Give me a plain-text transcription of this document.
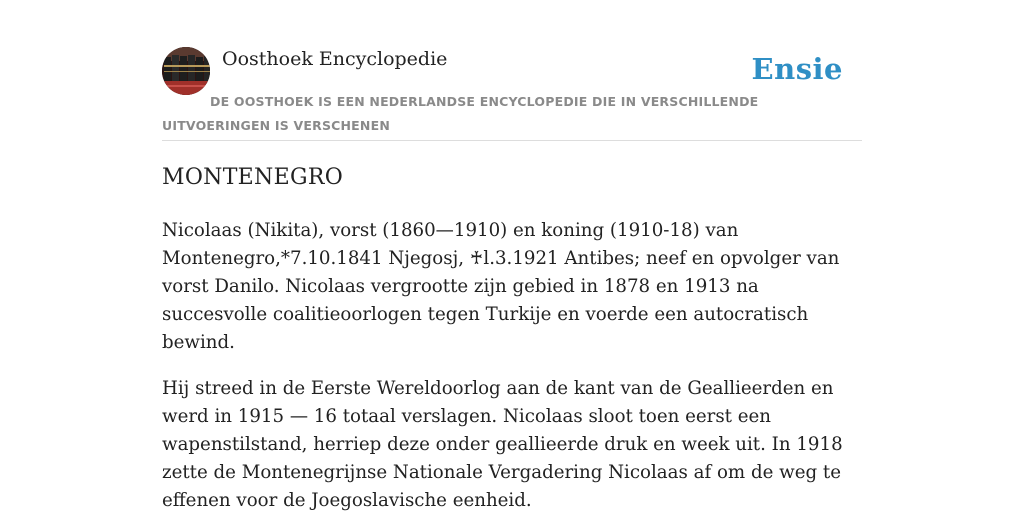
Oosthoek Encyclopedie	Ensie
DE OOSTHOEK IS EEN NEDERLANDSE ENCYCLOPEDIE DIE IN VERSCHILLENDE UITVOERINGEN IS VERSCHENEN
MONTENEGRO

Nicolaas (Nikita), vorst (1860—1910) en koning (1910-18) van Montenegro,*7.10.1841 Njegosj, ♰l.3.1921 Antibes; neef en opvolger van vorst Danilo. Nicolaas vergrootte zijn gebied in 1878 en 1913 na succesvolle coalitieoorlogen tegen Turkije en voerde een autocratisch bewind.

Hij streed in de Eerste Wereldoorlog aan de kant van de Geallieerden en werd in 1915 — 16 totaal verslagen. Nicolaas sloot toen eerst een wapenstilstand, herriep deze onder geallieerde druk en week uit. In 1918 zette de Montenegrijnse Nationale Vergadering Nicolaas af om de weg te effenen voor de Joegoslavische eenheid.
